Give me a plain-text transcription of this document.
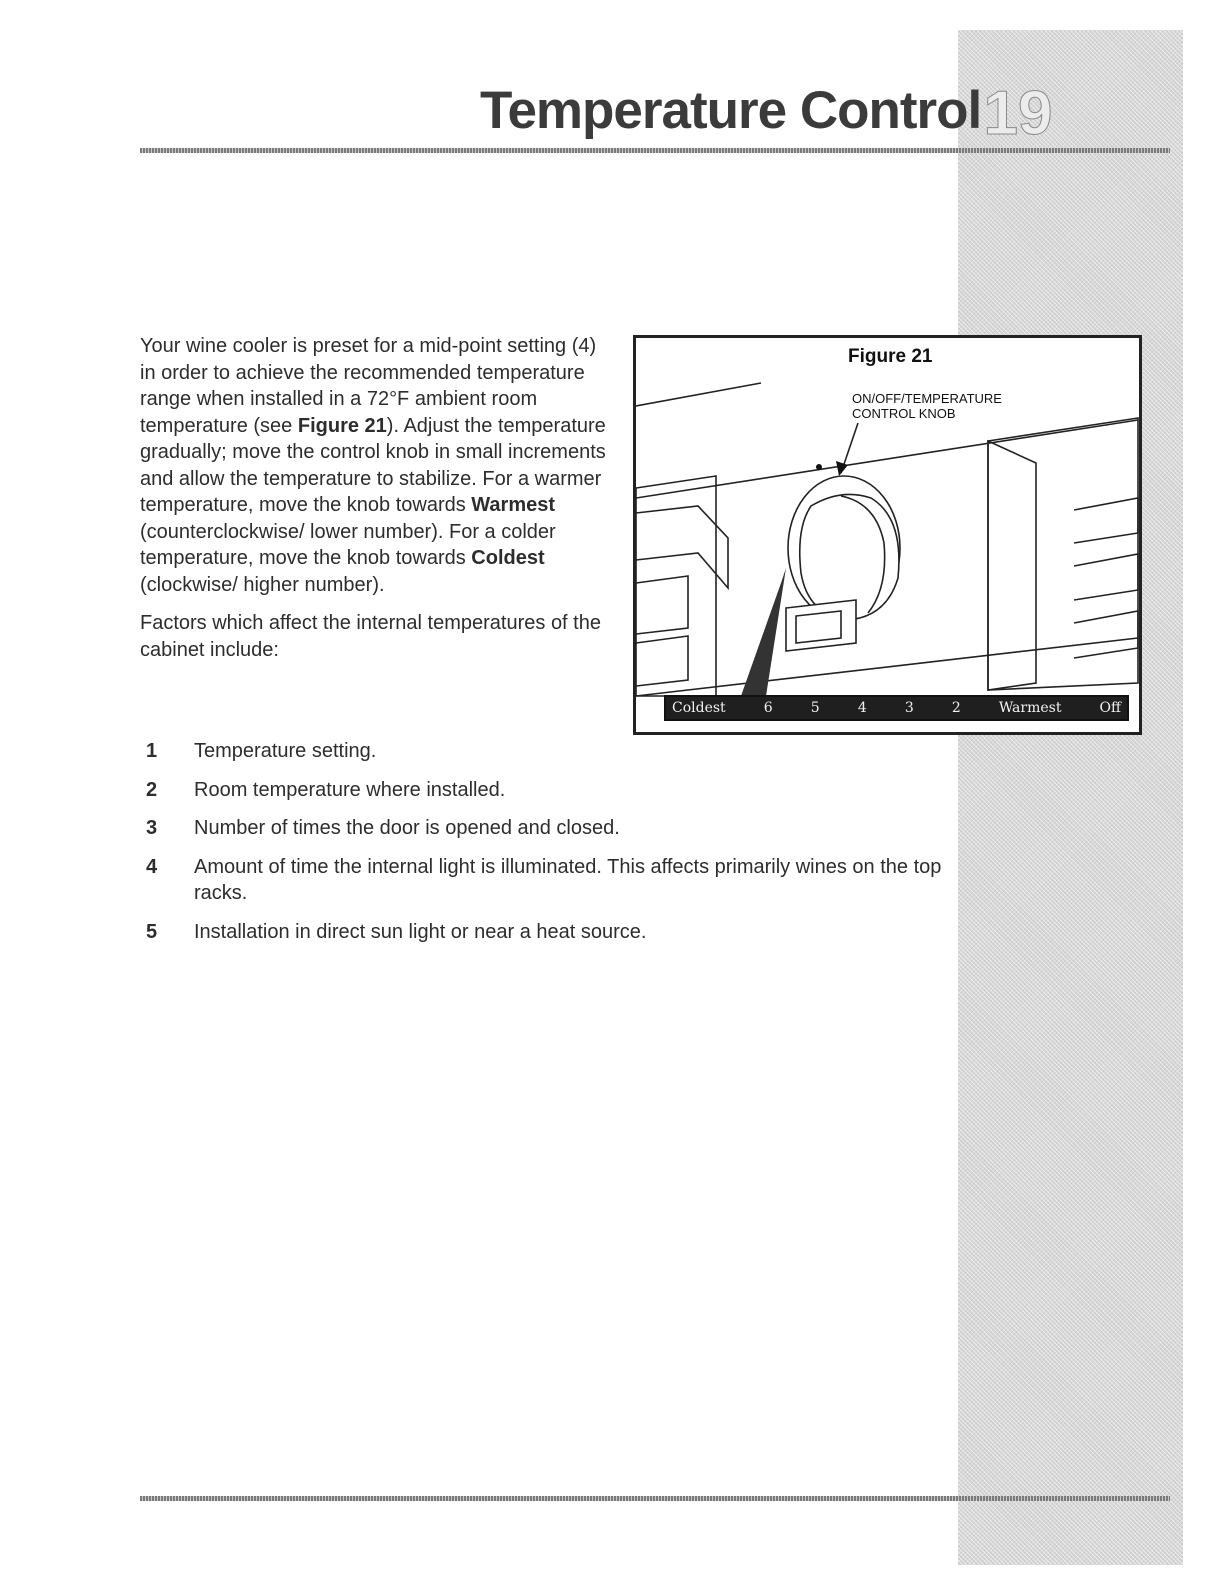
Temperature Control 19

Your wine cooler is preset for a mid-point setting (4) in order to achieve the recommended temperature range when installed in a 72°F ambient room temperature (see Figure 21). Adjust the temperature gradually; move the control knob in small increments and allow the temperature to stabilize. For a warmer temperature, move the knob towards Warmest (counterclockwise/ lower number). For a colder temperature, move the knob towards Coldest (clockwise/ higher number).

Factors which affect the internal temperatures of the cabinet include:

1 Temperature setting.
2 Room temperature where installed.
3 Number of times the door is opened and closed.
4 Amount of time the internal light is illuminated. This affects primarily wines on the top racks.
5 Installation in direct sun light or near a heat source.
Figure 21
ON/OFF/TEMPERATURE
CONTROL KNOB
Coldest	6	5	4	3	2	Warmest	Off
